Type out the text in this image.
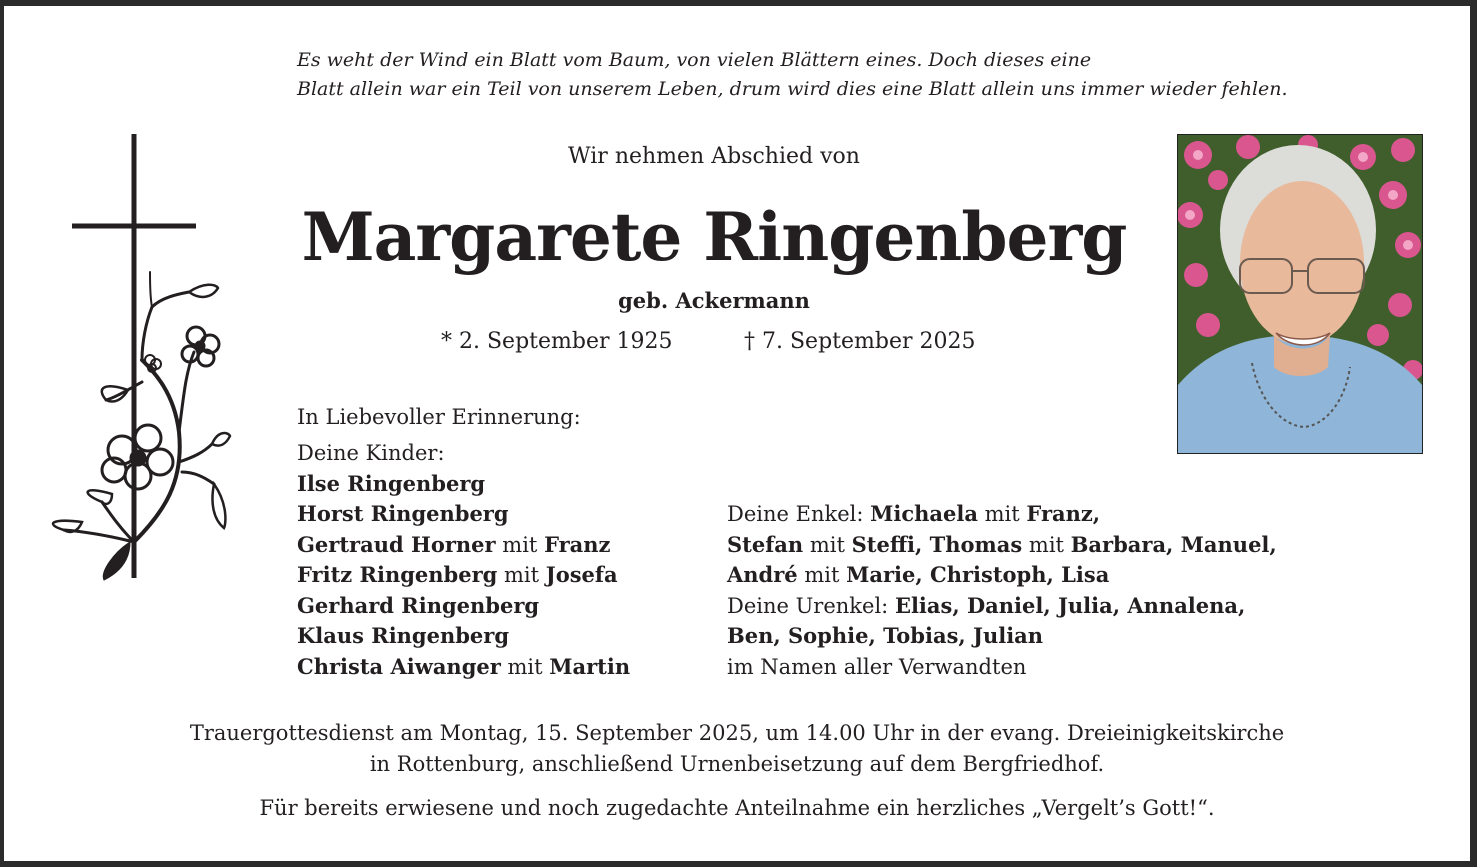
Es weht der Wind ein Blatt vom Baum, von vielen Blättern eines. Doch dieses eine
Blatt allein war ein Teil von unserem Leben, drum wird dies eine Blatt allein uns immer wieder fehlen.
Wir nehmen Abschied von
Margarete Ringenberg
geb. Ackermann
* 2. September 1925	† 7. September 2025
In Liebevoller Erinnerung:
Deine Kinder:
Ilse Ringenberg
Horst Ringenberg
Gertraud Horner mit Franz
Fritz Ringenberg mit Josefa
Gerhard Ringenberg
Klaus Ringenberg
Christa Aiwanger mit Martin
Deine Enkel: Michaela mit Franz,
Stefan mit Steffi, Thomas mit Barbara, Manuel,
André mit Marie, Christoph, Lisa
Deine Urenkel: Elias, Daniel, Julia, Annalena,
Ben, Sophie, Tobias, Julian
im Namen aller Verwandten
Trauergottesdienst am Montag, 15. September 2025, um 14.00 Uhr in der evang. Dreieinigkeitskirche
in Rottenburg, anschließend Urnenbeisetzung auf dem Bergfriedhof.
Für bereits erwiesene und noch zugedachte Anteilnahme ein herzliches „Vergelt’s Gott!“.
